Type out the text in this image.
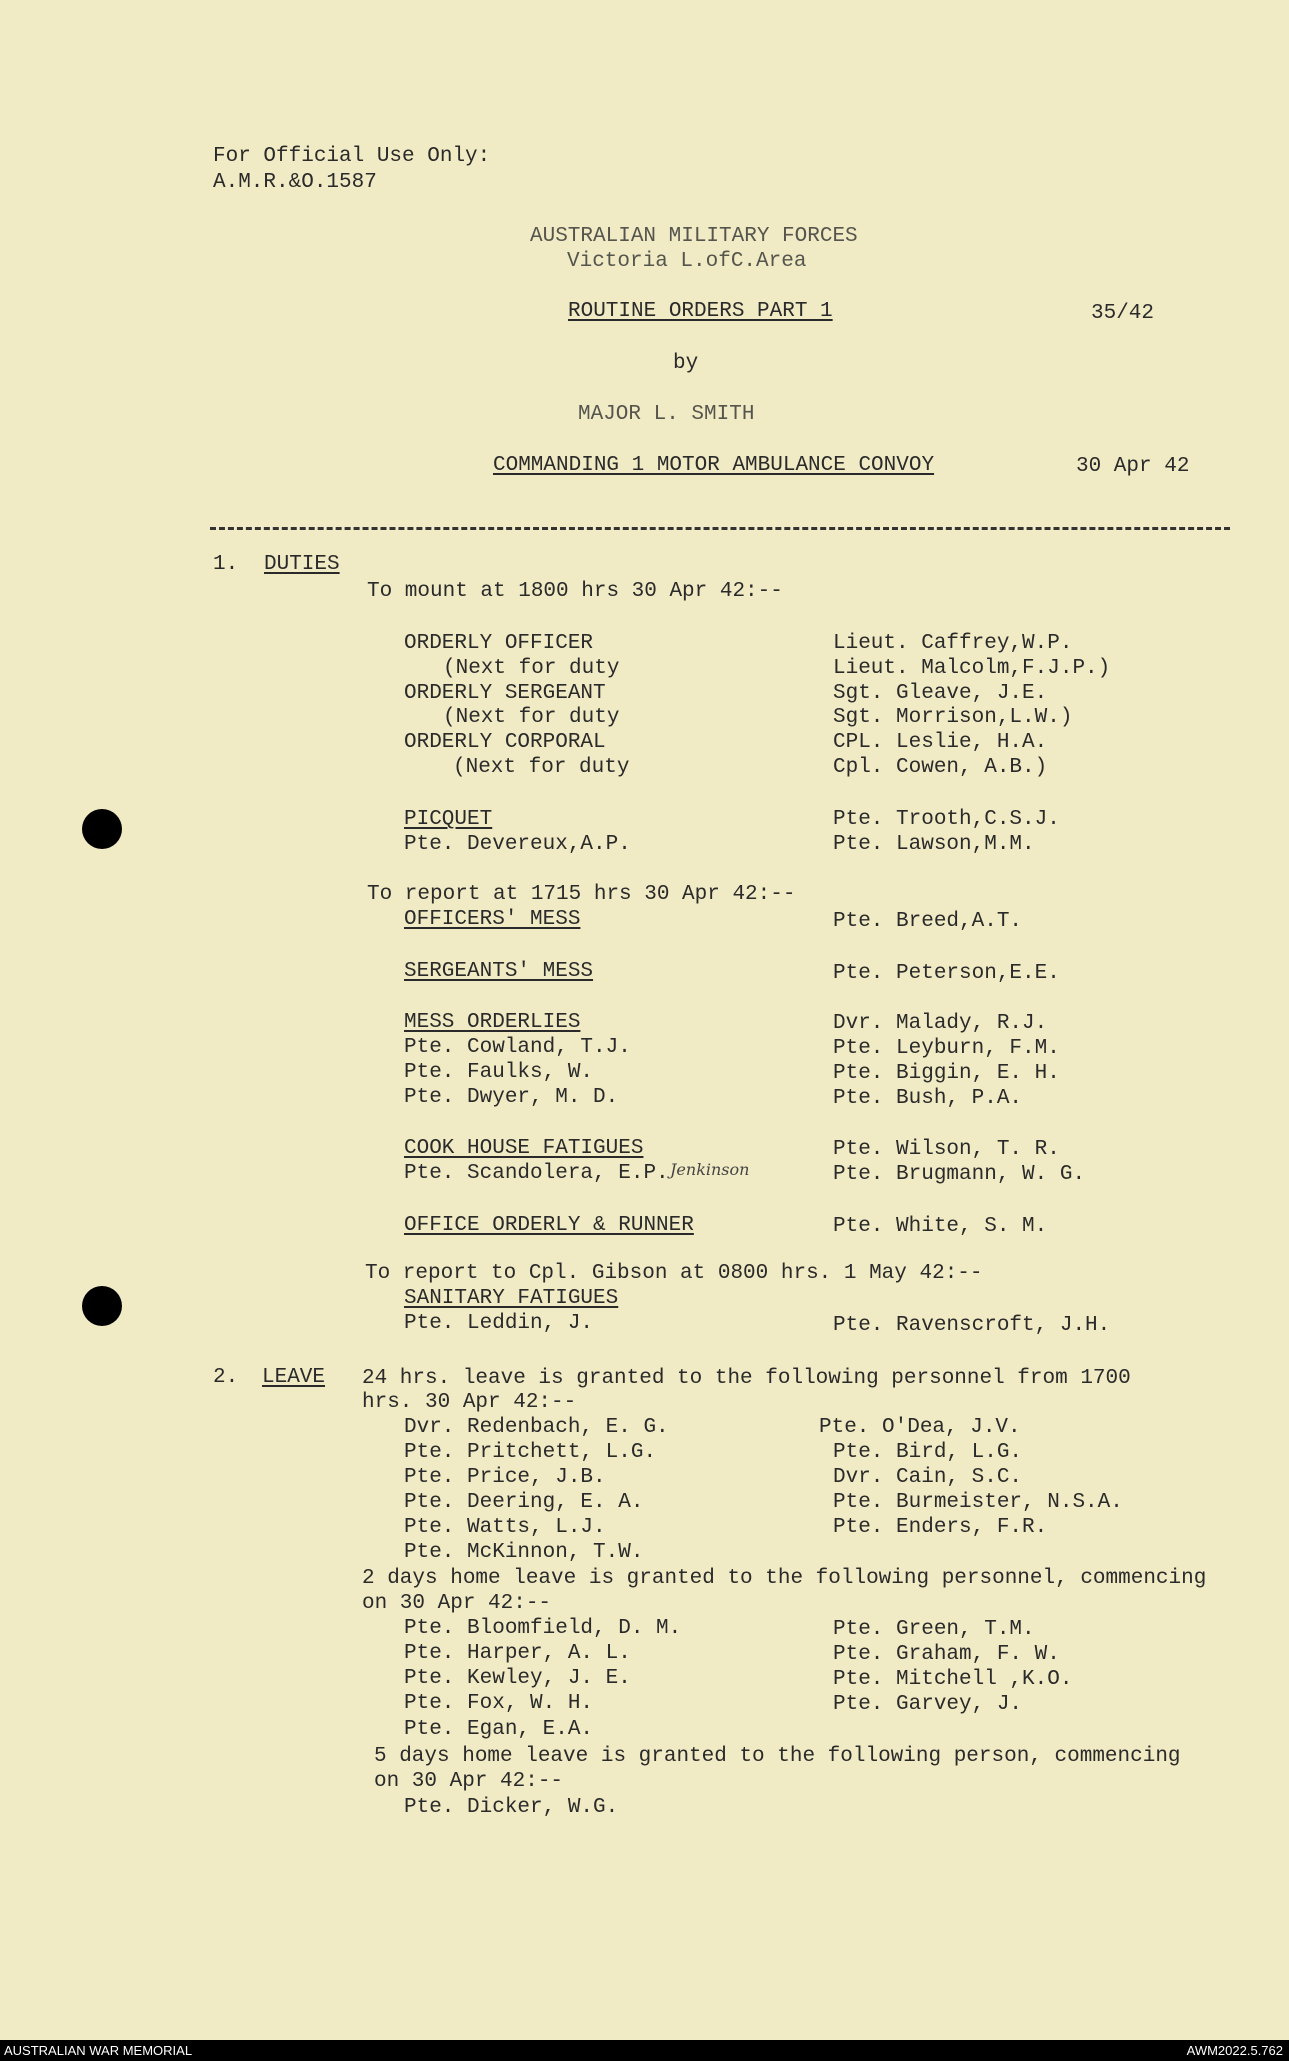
For Official Use Only:
A.M.R.&O.1587
AUSTRALIAN MILITARY FORCES
Victoria L.ofC.Area
ROUTINE ORDERS PART 1	35/42
by
MAJOR L. SMITH
COMMANDING 1 MOTOR AMBULANCE CONVOY	30 Apr 42
1. DUTIES
To mount at 1800 hrs 30 Apr 42:--
ORDERLY OFFICER	Lieut. Caffrey,W.P.
(Next for duty	Lieut. Malcolm,F.J.P.)
ORDERLY SERGEANT	Sgt. Gleave, J.E.
(Next for duty	Sgt. Morrison,L.W.)
ORDERLY CORPORAL	CPL. Leslie, H.A.
(Next for duty	Cpl. Cowen, A.B.)
PICQUET	Pte. Trooth,C.S.J.
Pte. Devereux,A.P.	Pte. Lawson,M.M.
To report at 1715 hrs 30 Apr 42:--
OFFICERS' MESS	Pte. Breed,A.T.
SERGEANTS' MESS	Pte. Peterson,E.E.
MESS ORDERLIES	Dvr. Malady, R.J.
Pte. Cowland, T.J.	Pte. Leyburn, F.M.
Pte. Faulks, W.	Pte. Biggin, E. H.
Pte. Dwyer, M. D.	Pte. Bush, P.A.
COOK HOUSE FATIGUES	Pte. Wilson, T. R.
Pte. Scandolera, E.P. Jenkinson	Pte. Brugmann, W. G.
OFFICE ORDERLY & RUNNER	Pte. White, S. M.
To report to Cpl. Gibson at 0800 hrs. 1 May 42:--
SANITARY FATIGUES
Pte. Leddin, J.	Pte. Ravenscroft, J.H.
2. LEAVE 24 hrs. leave is granted to the following personnel from 1700
hrs. 30 Apr 42:--
Dvr. Redenbach, E. G.	Pte. O'Dea, J.V.
Pte. Pritchett, L.G.	Pte. Bird, L.G.
Pte. Price, J.B.	Dvr. Cain, S.C.
Pte. Deering, E. A.	Pte. Burmeister, N.S.A.
Pte. Watts, L.J.	Pte. Enders, F.R.
Pte. McKinnon, T.W.
2 days home leave is granted to the following personnel, commencing
on 30 Apr 42:--
Pte. Bloomfield, D. M.	Pte. Green, T.M.
Pte. Harper, A. L.	Pte. Graham, F. W.
Pte. Kewley, J. E.	Pte. Mitchell ,K.O.
Pte. Fox, W. H.	Pte. Garvey, J.
Pte. Egan, E.A.
5 days home leave is granted to the following person, commencing
on 30 Apr 42:--
Pte. Dicker, W.G.
AUSTRALIAN WAR MEMORIAL	AWM2022.5.762
